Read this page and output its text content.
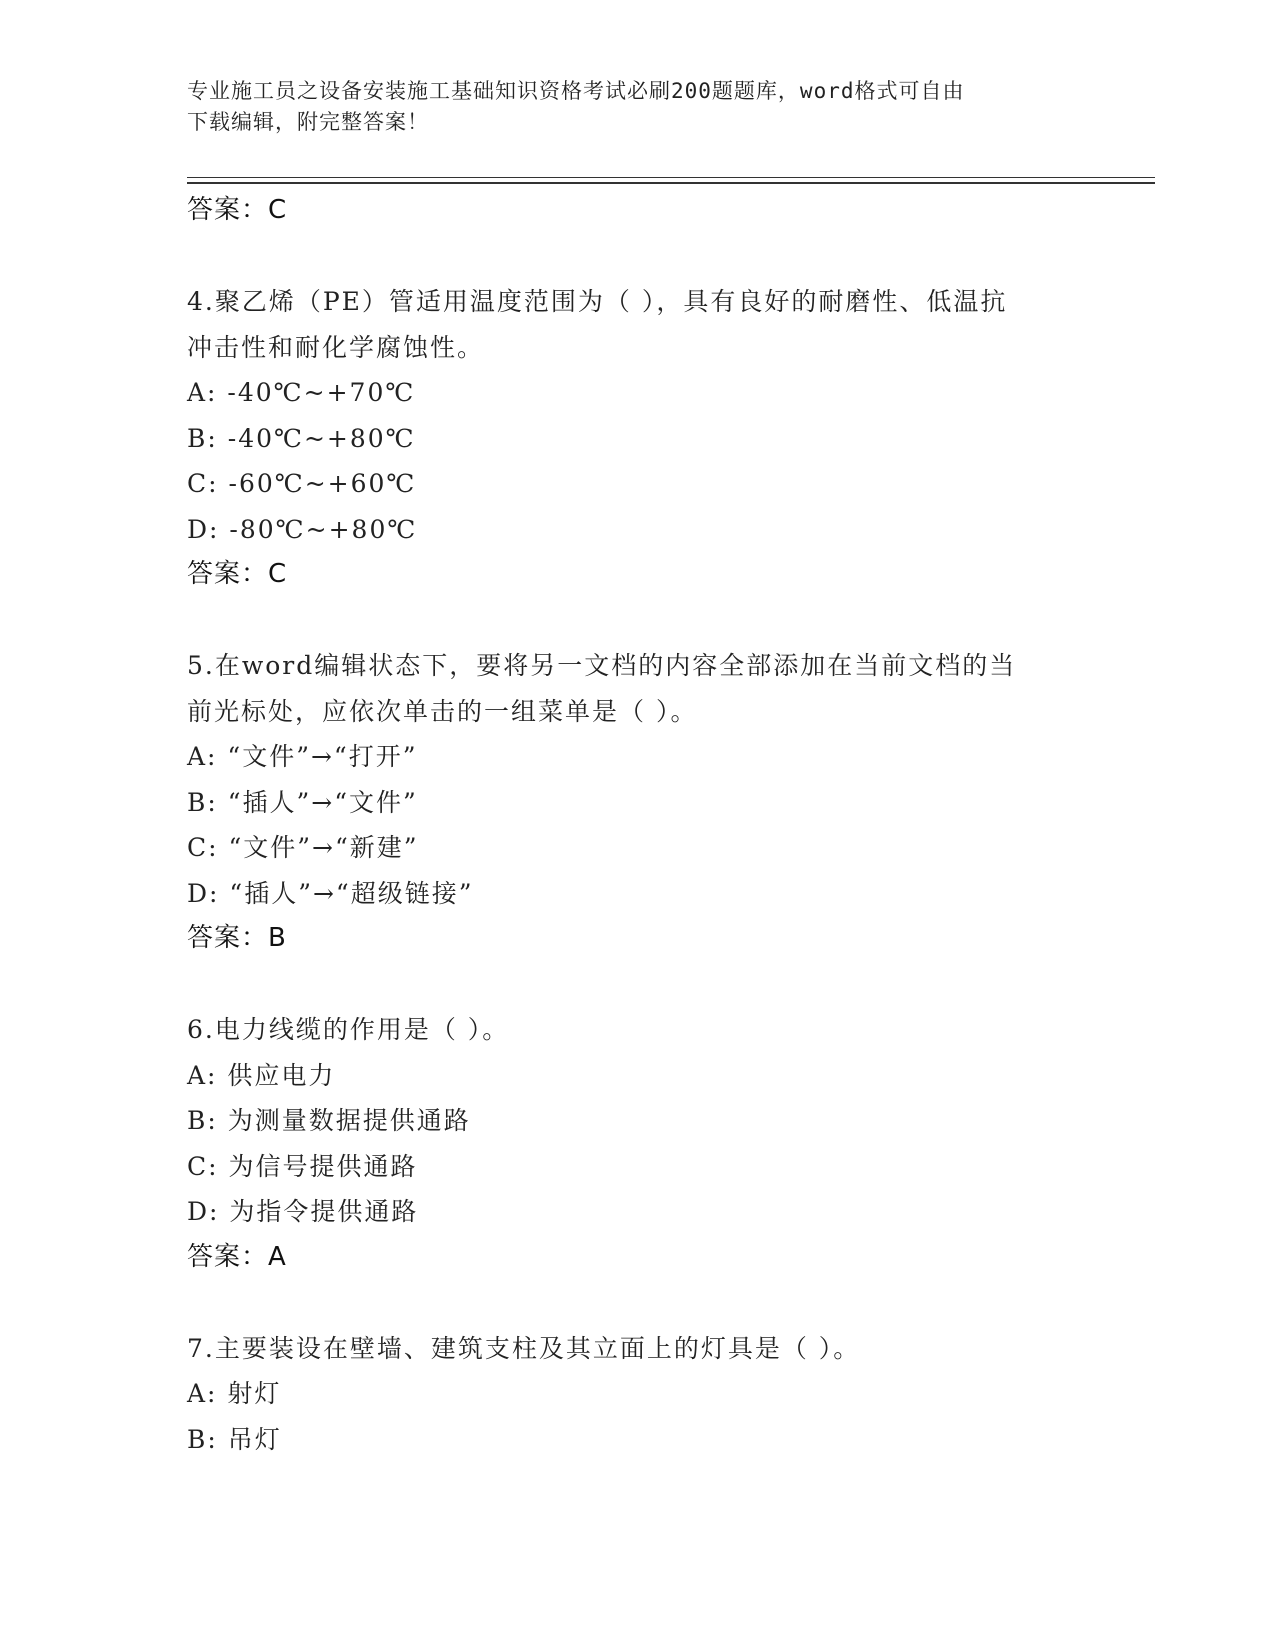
专业施工员之设备安装施工基础知识资格考试必刷200题题库，word格式可自由
下载编辑，附完整答案！
答案：C
4.聚乙烯（PE）管适用温度范围为（ ），具有良好的耐磨性、低温抗
冲击性和耐化学腐蚀性。
A: -40℃~+70℃
B: -40℃~+80℃
C: -60℃~+60℃
D: -80℃~+80℃
答案：C
5.在word编辑状态下，要将另一文档的内容全部添加在当前文档的当
前光标处，应依次单击的一组菜单是（ ）。
A: “文件”→“打开”
B: “插人”→“文件”
C: “文件”→“新建”
D: “插人”→“超级链接”
答案：B
6.电力线缆的作用是（ ）。
A: 供应电力
B: 为测量数据提供通路
C: 为信号提供通路
D: 为指令提供通路
答案：A
7.主要装设在壁墙、建筑支柱及其立面上的灯具是（ ）。
A: 射灯
B: 吊灯
